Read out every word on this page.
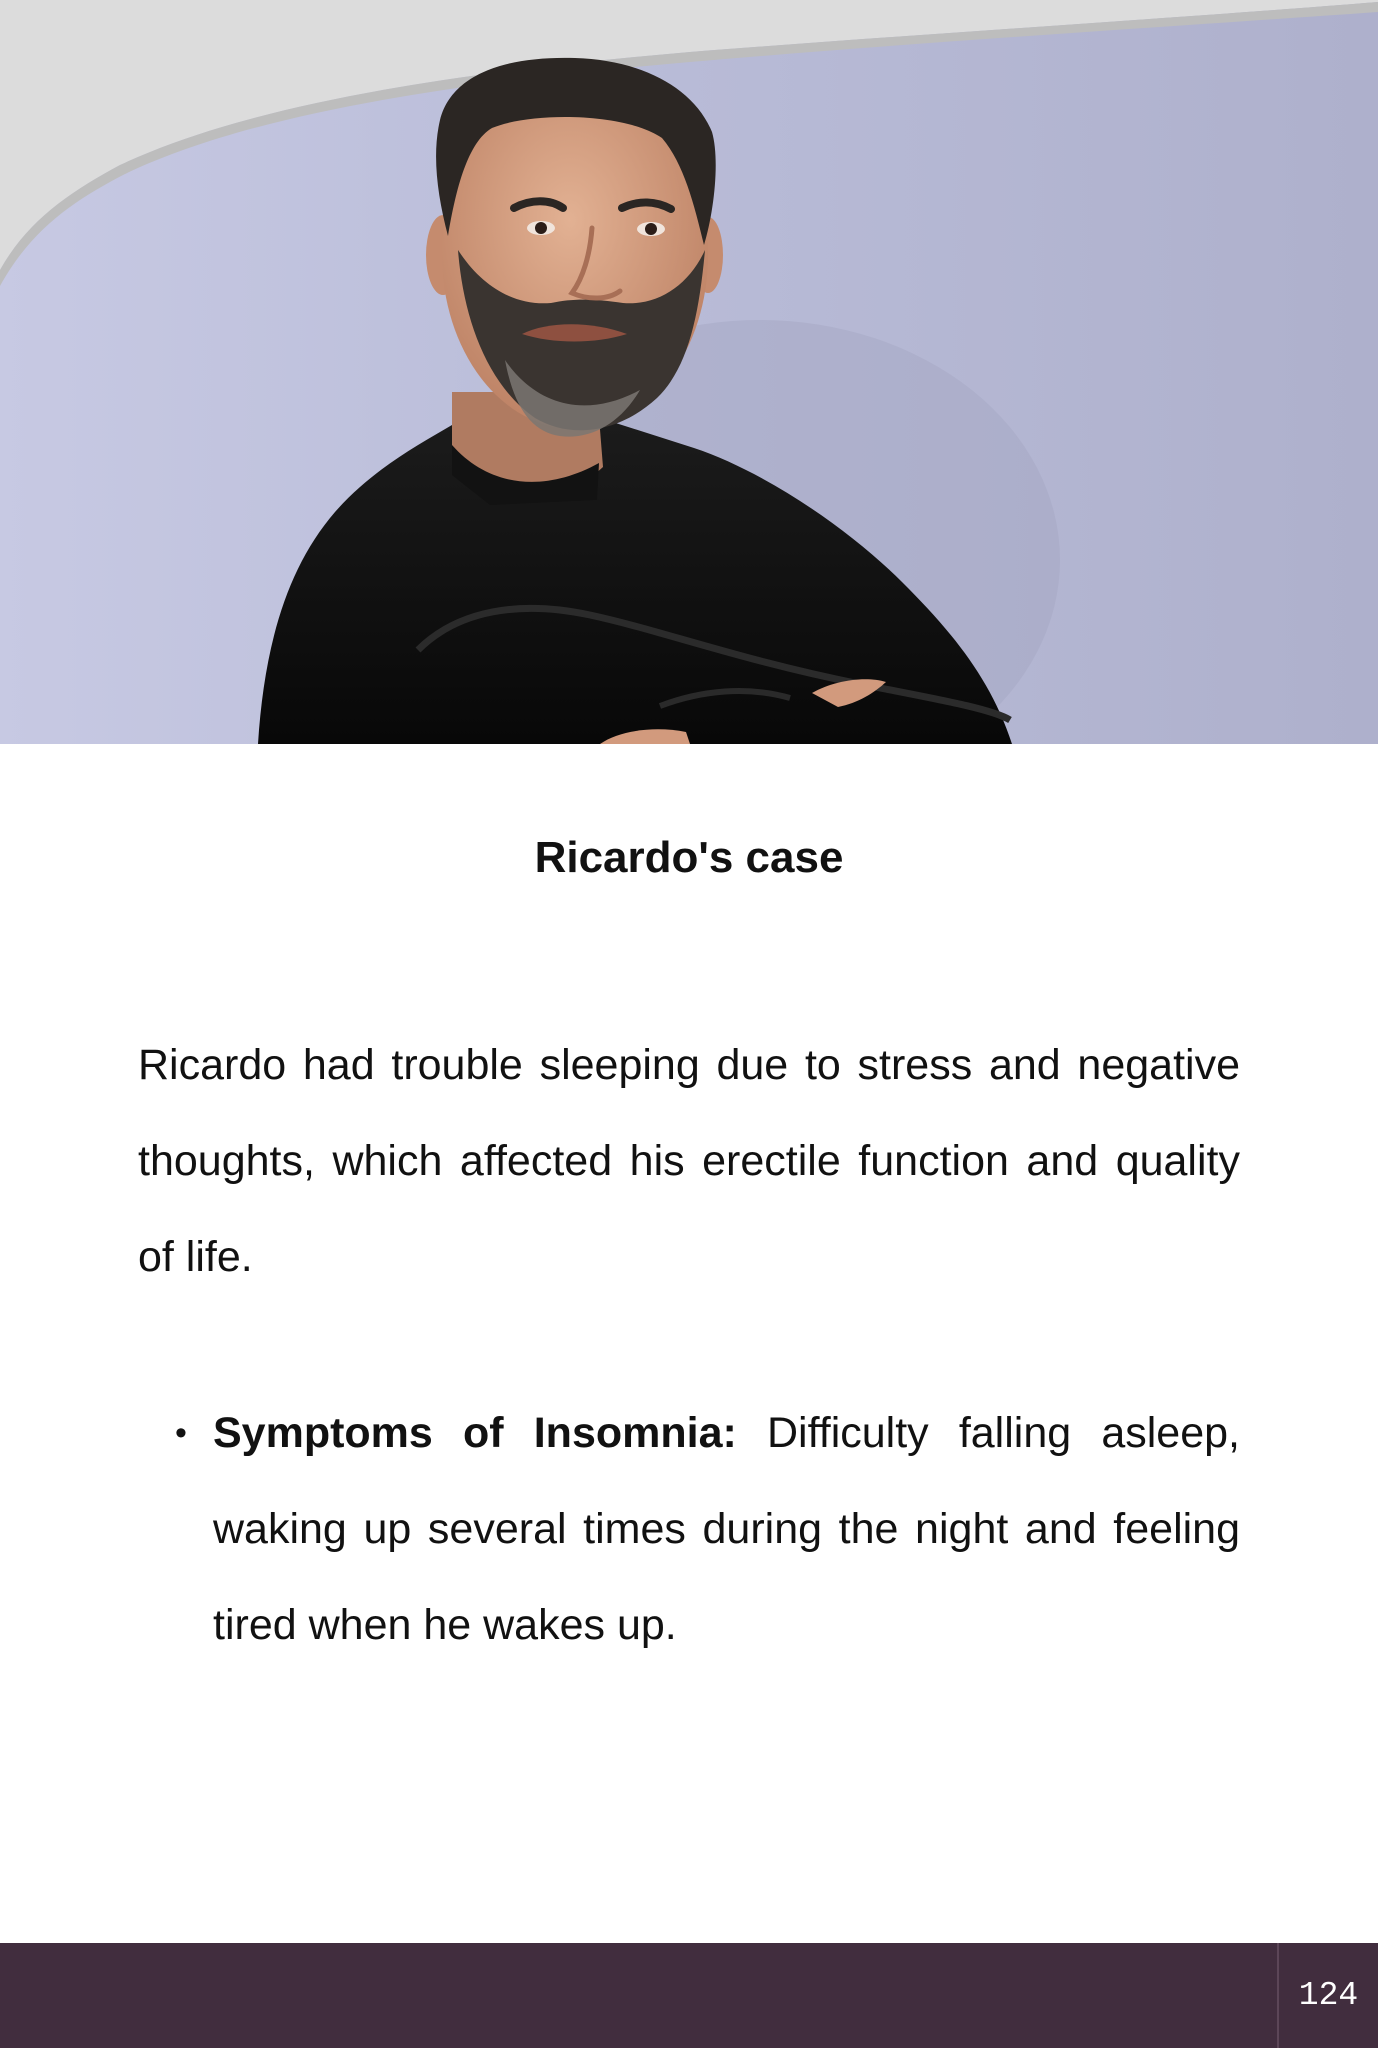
Ricardo's case

Ricardo had trouble sleeping due to stress and negative thoughts, which affected his erectile function and quality of life.

• Symptoms of Insomnia: Difficulty falling asleep, waking up several times during the night and feeling tired when he wakes up.
124
